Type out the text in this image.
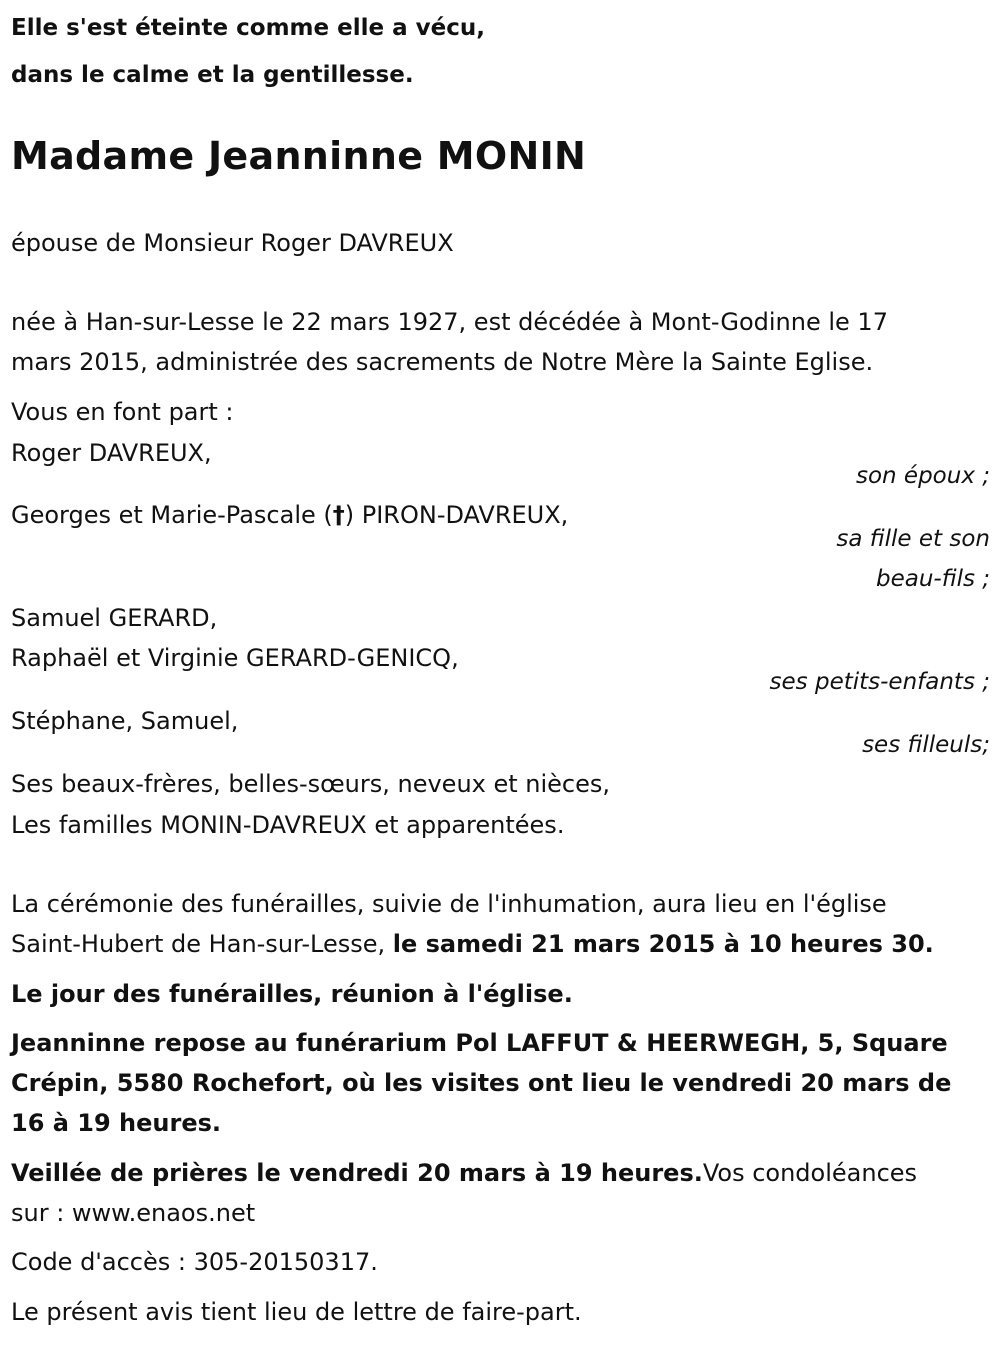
Elle s'est éteinte comme elle a vécu,

dans le calme et la gentillesse.

Madame Jeanninne MONIN

épouse de Monsieur Roger DAVREUX

née à Han-sur-Lesse le 22 mars 1927, est décédée à Mont-Godinne le 17

mars 2015, administrée des sacrements de Notre Mère la Sainte Eglise.

Vous en font part :

Roger DAVREUX,

son époux ;

Georges et Marie-Pascale (†) PIRON-DAVREUX,

sa fille et son

beau-fils ;

Samuel GERARD,

Raphaël et Virginie GERARD-GENICQ,

ses petits-enfants ;

Stéphane, Samuel,

ses filleuls;

Ses beaux-frères, belles-sœurs, neveux et nièces,

Les familles MONIN-DAVREUX et apparentées.

La cérémonie des funérailles, suivie de l'inhumation, aura lieu en l'église

Saint-Hubert de Han-sur-Lesse, le samedi 21 mars 2015 à 10 heures 30.

Le jour des funérailles, réunion à l'église.

Jeanninne repose au funérarium Pol LAFFUT & HEERWEGH, 5, Square

Crépin, 5580 Rochefort, où les visites ont lieu le vendredi 20 mars de

16 à 19 heures.

Veillée de prières le vendredi 20 mars à 19 heures.Vos condoléances

sur : www.enaos.net

Code d'accès : 305-20150317.

Le présent avis tient lieu de lettre de faire-part.
